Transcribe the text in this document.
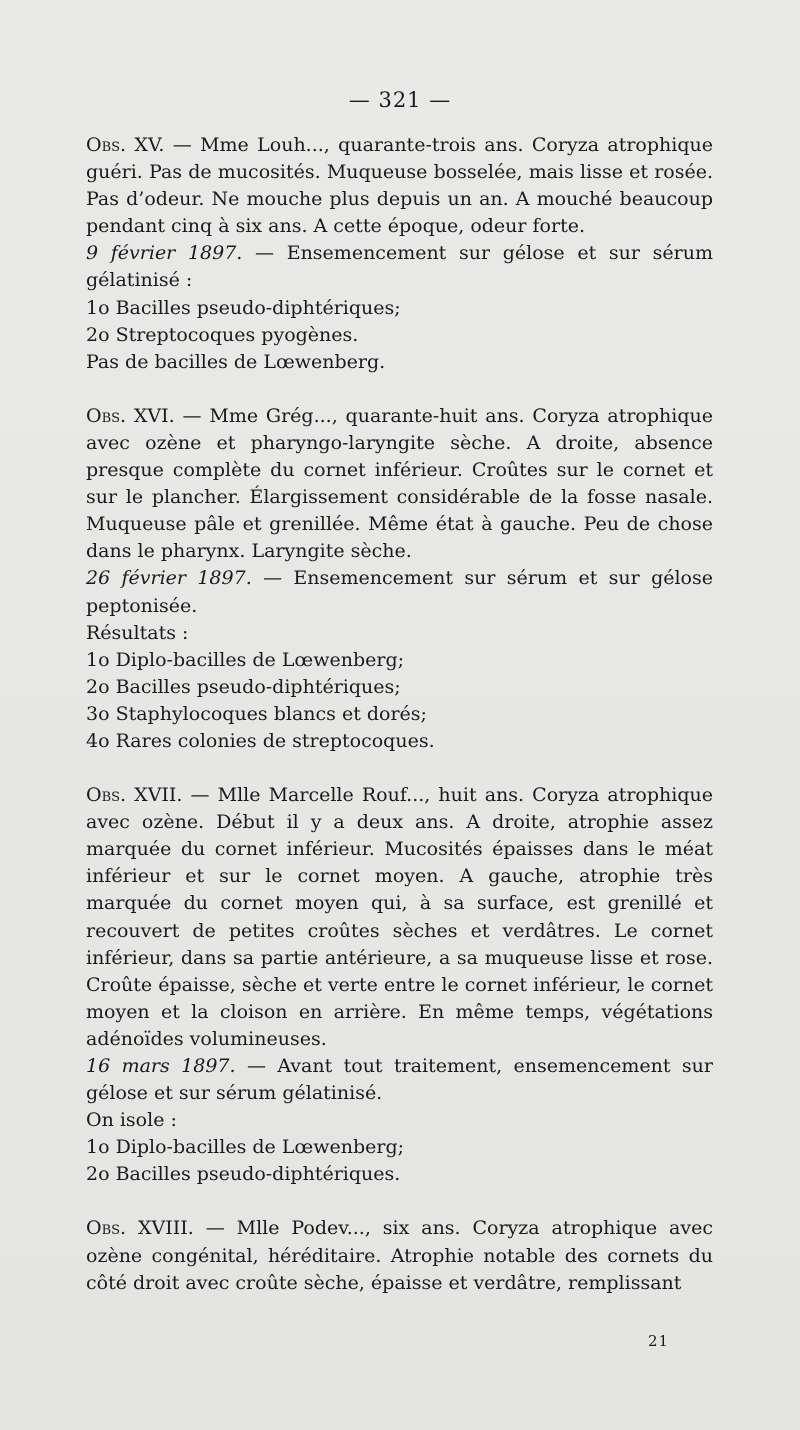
— 321 —

Obs. XV. — Mme Louh..., quarante-trois ans. Coryza atrophique guéri. Pas de mucosités. Muqueuse bosselée, mais lisse et rosée. Pas d’odeur. Ne mouche plus depuis un an. A mouché beaucoup pendant cinq à six ans. A cette époque, odeur forte.

9 février 1897. — Ensemencement sur gélose et sur sérum gélatinisé :

1o Bacilles pseudo-diphtériques;

2o Streptocoques pyogènes.

Pas de bacilles de Lœwenberg.

Obs. XVI. — Mme Grég..., quarante-huit ans. Coryza atrophique avec ozène et pharyngo-laryngite sèche. A droite, absence presque complète du cornet inférieur. Croûtes sur le cornet et sur le plancher. Élargissement considérable de la fosse nasale. Muqueuse pâle et grenillée. Même état à gauche. Peu de chose dans le pharynx. Laryngite sèche.

26 février 1897. — Ensemencement sur sérum et sur gélose peptonisée.

Résultats :

1o Diplo-bacilles de Lœwenberg;

2o Bacilles pseudo-diphtériques;

3o Staphylocoques blancs et dorés;

4o Rares colonies de streptocoques.

Obs. XVII. — Mlle Marcelle Rouf..., huit ans. Coryza atrophique avec ozène. Début il y a deux ans. A droite, atrophie assez marquée du cornet inférieur. Mucosités épaisses dans le méat inférieur et sur le cornet moyen. A gauche, atrophie très marquée du cornet moyen qui, à sa surface, est grenillé et recouvert de petites croûtes sèches et verdâtres. Le cornet inférieur, dans sa partie antérieure, a sa muqueuse lisse et rose. Croûte épaisse, sèche et verte entre le cornet inférieur, le cornet moyen et la cloison en arrière. En même temps, végétations adénoïdes volumineuses.

16 mars 1897. — Avant tout traitement, ensemencement sur gélose et sur sérum gélatinisé.

On isole :

1o Diplo-bacilles de Lœwenberg;

2o Bacilles pseudo-diphtériques.

Obs. XVIII. — Mlle Podev..., six ans. Coryza atrophique avec ozène congénital, héréditaire. Atrophie notable des cornets du côté droit avec croûte sèche, épaisse et verdâtre, remplissant

21
